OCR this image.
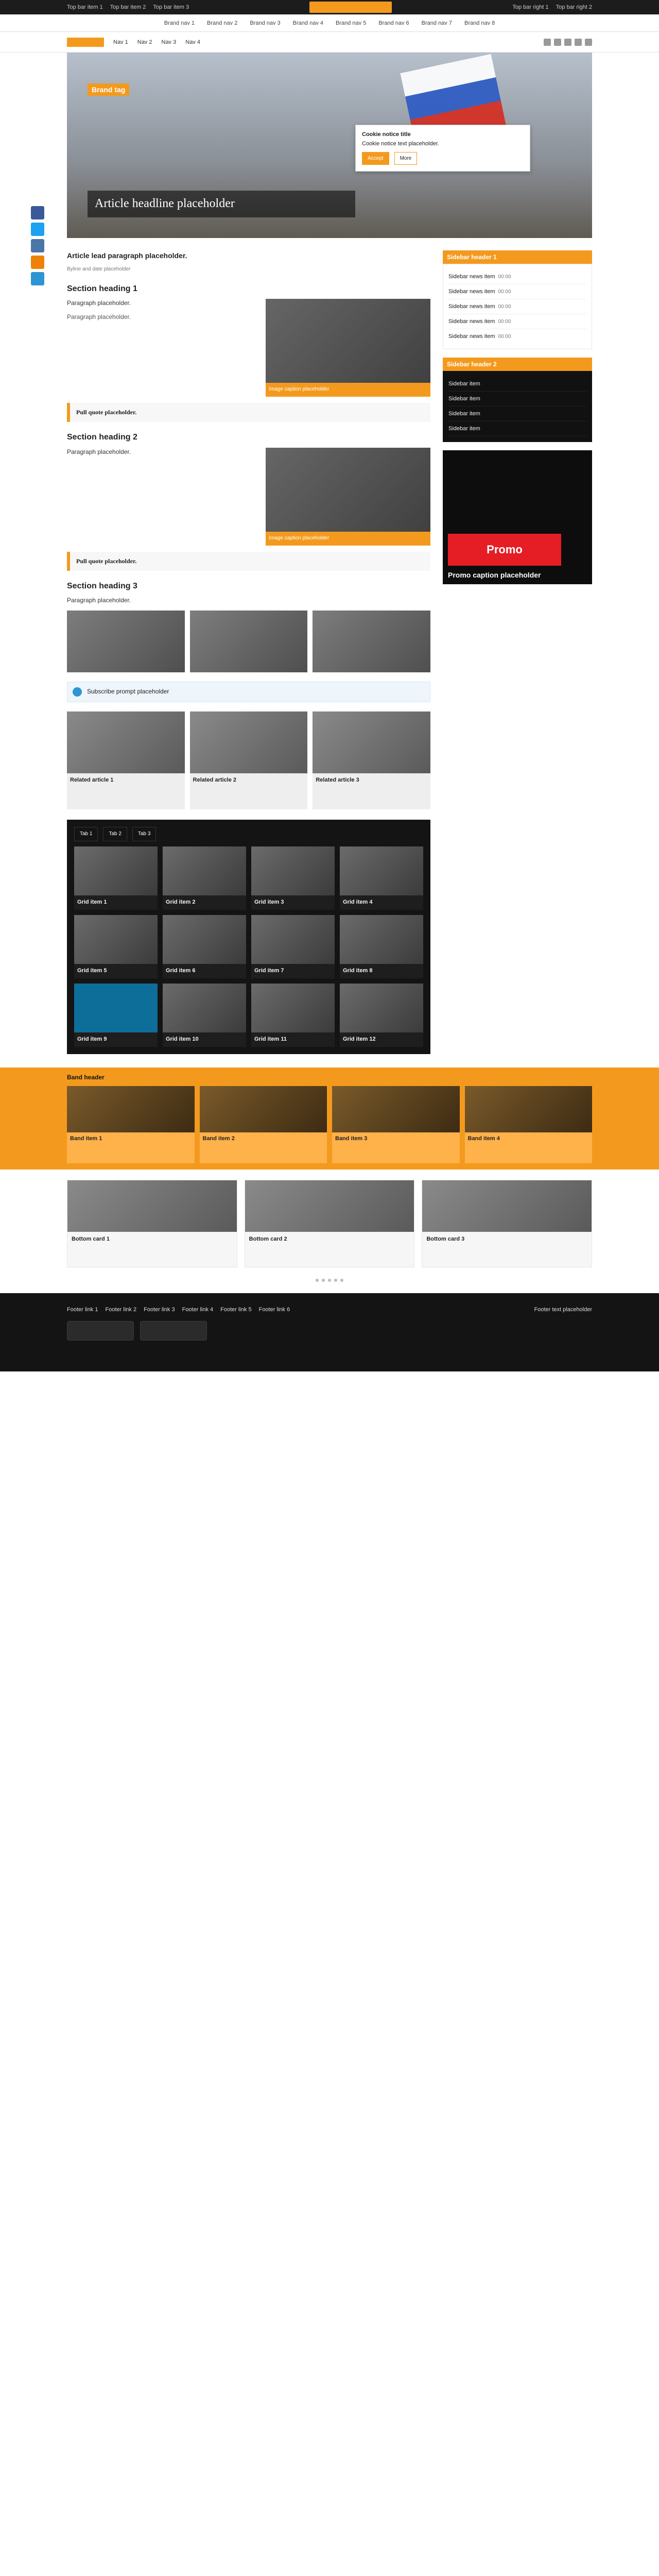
Top bar item 1 Top bar item 2 Top bar item 3	Top bar right 1 Top bar right 2
Brand nav 1 Brand nav 2 Brand nav 3 Brand nav 4 Brand nav 5 Brand nav 6 Brand nav 7 Brand nav 8
Nav 1 Nav 2 Nav 3 Nav 4
Brand tag
Article headline placeholder
Cookie notice title
Cookie notice text placeholder.
Accept	More
Article lead paragraph placeholder.
Byline and date placeholder
Section heading 1

Paragraph placeholder.

Paragraph placeholder.

Image caption placeholder
Pull quote placeholder.
Section heading 2

Paragraph placeholder.

Image caption placeholder
Pull quote placeholder.
Section heading 3

Paragraph placeholder.

Subscribe prompt placeholder
Related article 1	Related article 2	Related article 3
Tab 1	Tab 2	Tab 3
Grid item 1	Grid item 2	Grid item 3	Grid item 4
Grid item 5	Grid item 6	Grid item 7	Grid item 8
Grid item 9	Grid item 10	Grid item 11	Grid item 12
Sidebar header 1
Sidebar news item 00:00
Sidebar news item 00:00
Sidebar news item 00:00
Sidebar news item 00:00
Sidebar news item 00:00
Sidebar header 2
Sidebar item
Sidebar item
Sidebar item
Sidebar item
Promo
Promo caption placeholder
Band header
Band item 1	Band item 2	Band item 3	Band item 4
Bottom card 1	Bottom card 2	Bottom card 3
Footer link 1 Footer link 2 Footer link 3 Footer link 4 Footer link 5 Footer link 6	Footer text placeholder
